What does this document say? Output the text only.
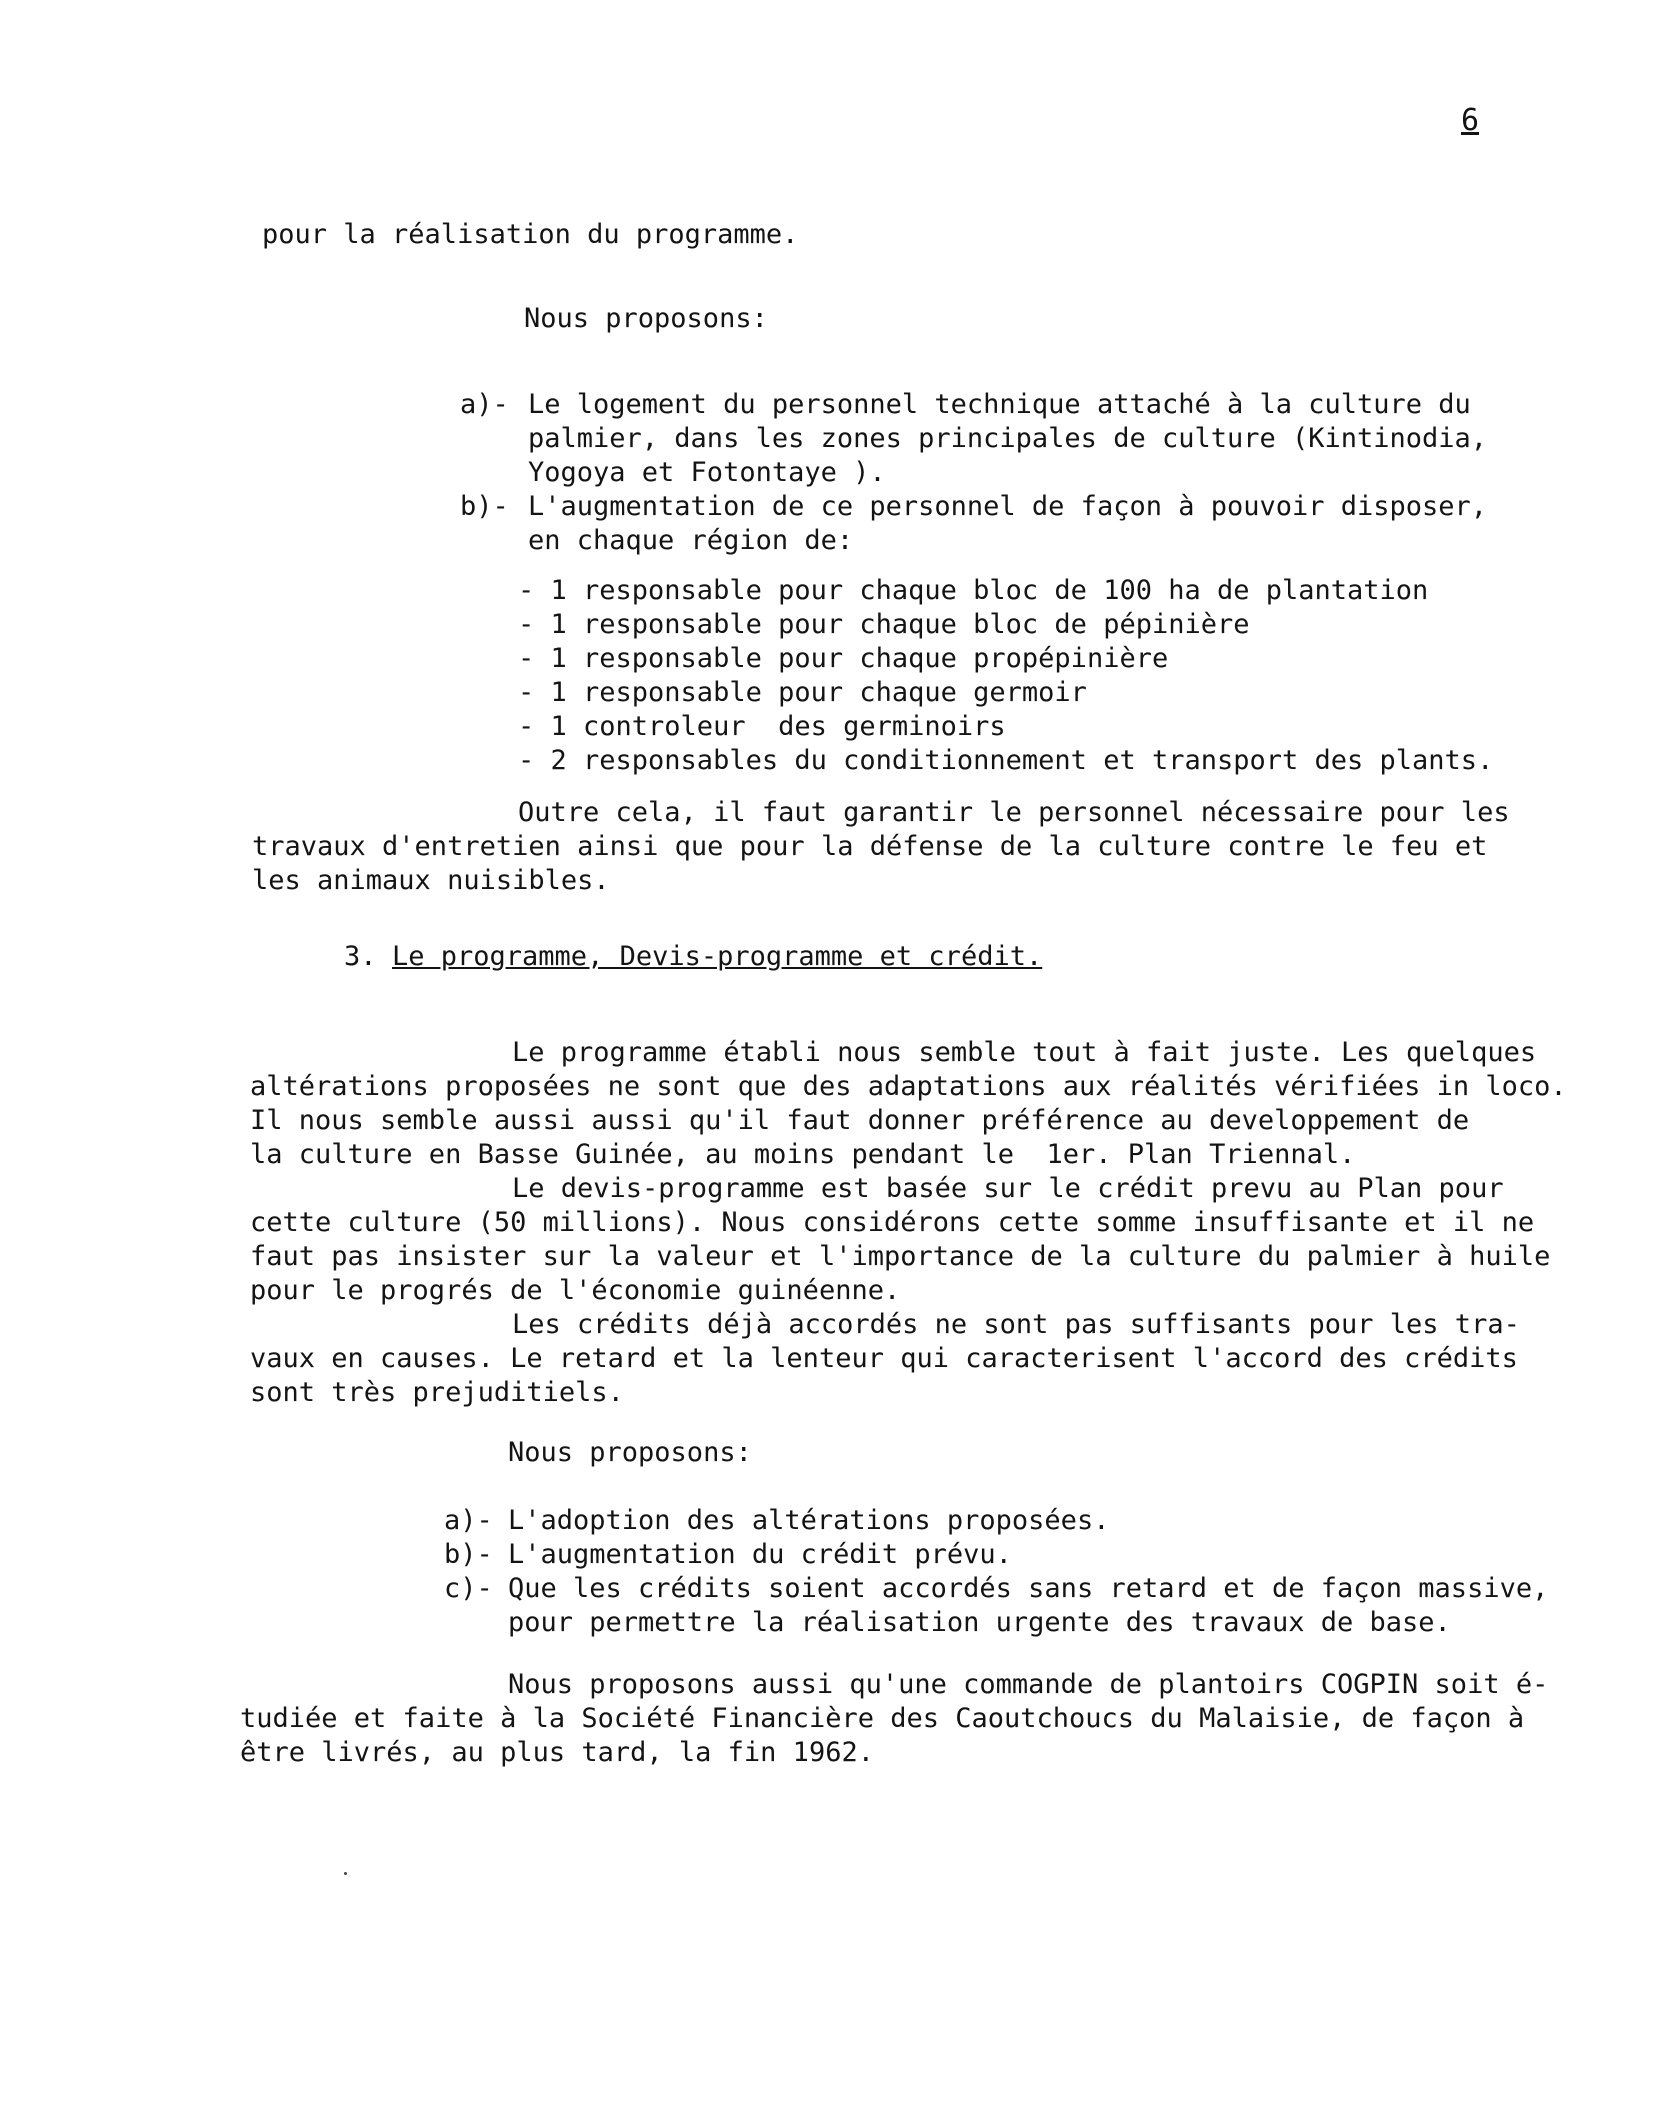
6
pour la réalisation du programme.
Nous proposons:
a)- Le logement du personnel technique attaché à la culture du
palmier, dans les zones principales de culture (Kintinodia,
Yogoya et Fotontaye ).
b)- L'augmentation de ce personnel de façon à pouvoir disposer,
en chaque région de:
- 1 responsable pour chaque bloc de 100 ha de plantation
- 1 responsable pour chaque bloc de pépinière
- 1 responsable pour chaque propépinière
- 1 responsable pour chaque germoir
- 1 controleur  des germinoirs
- 2 responsables du conditionnement et transport des plants.
Outre cela, il faut garantir le personnel nécessaire pour les
travaux d'entretien ainsi que pour la défense de la culture contre le feu et
les animaux nuisibles.
3. Le programme, Devis-programme et crédit.
Le programme établi nous semble tout à fait juste. Les quelques
altérations proposées ne sont que des adaptations aux réalités vérifiées in loco.
Il nous semble aussi aussi qu'il faut donner préférence au developpement de
la culture en Basse Guinée, au moins pendant le  1er. Plan Triennal.
Le devis-programme est basée sur le crédit prevu au Plan pour
cette culture (50 millions). Nous considérons cette somme insuffisante et il ne
faut pas insister sur la valeur et l'importance de la culture du palmier à huile
pour le progrés de l'économie guinéenne.
Les crédits déjà accordés ne sont pas suffisants pour les tra-
vaux en causes. Le retard et la lenteur qui caracterisent l'accord des crédits
sont très prejuditiels.
Nous proposons:
a)- L'adoption des altérations proposées.
b)- L'augmentation du crédit prévu.
c)- Que les crédits soient accordés sans retard et de façon massive,
pour permettre la réalisation urgente des travaux de base.
Nous proposons aussi qu'une commande de plantoirs COGPIN soit é-
tudiée et faite à la Société Financière des Caoutchoucs du Malaisie, de façon à
être livrés, au plus tard, la fin 1962.
